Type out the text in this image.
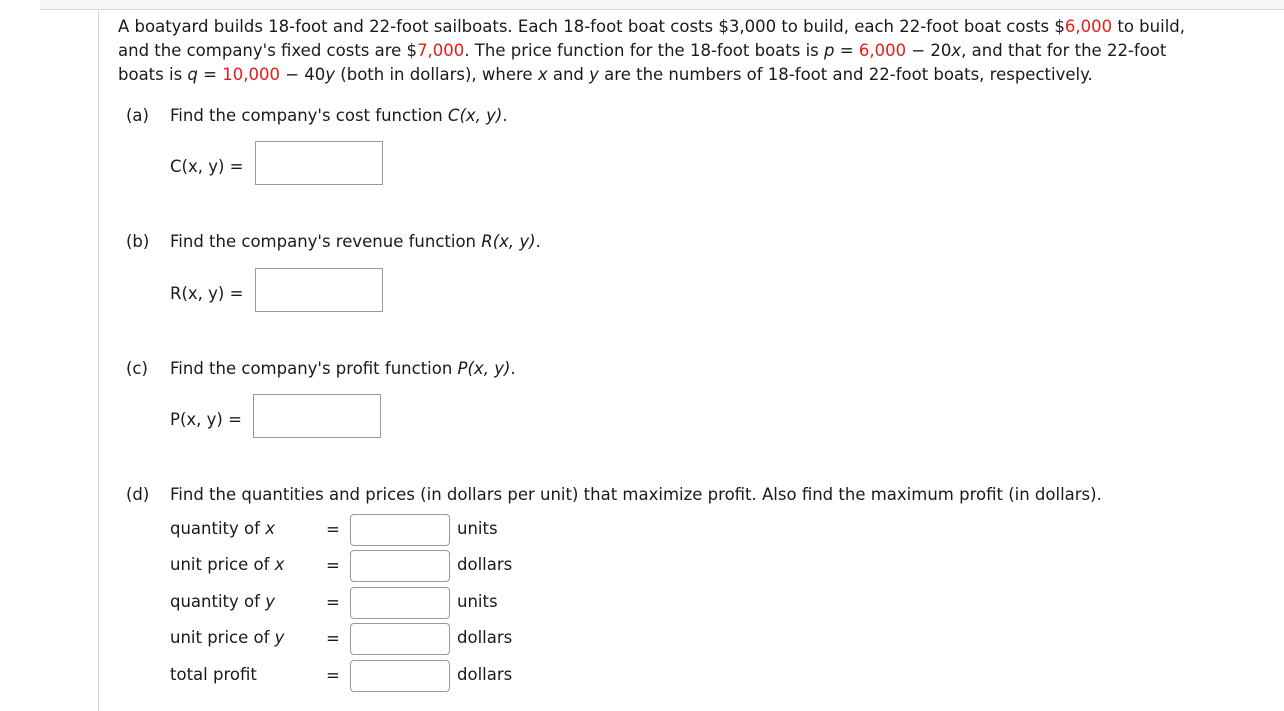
A boatyard builds 18-foot and 22-foot sailboats. Each 18-foot boat costs $3,000 to build, each 22-foot boat costs $6,000 to build,

and the company's fixed costs are $7,000. The price function for the 18-foot boats is p = 6,000 − 20x, and that for the 22-foot

boats is q = 10,000 − 40y (both in dollars), where x and y are the numbers of 18-foot and 22-foot boats, respectively.

(a) Find the company's cost function C(x, y).
C(x, y) =
(b) Find the company's revenue function R(x, y).
R(x, y) =
(c) Find the company's profit function P(x, y).
P(x, y) =
(d) Find the quantities and prices (in dollars per unit) that maximize profit. Also find the maximum profit (in dollars).
quantity of x	=	units
unit price of x	=	dollars
quantity of y	=	units
unit price of y	=	dollars
total profit	=	dollars
